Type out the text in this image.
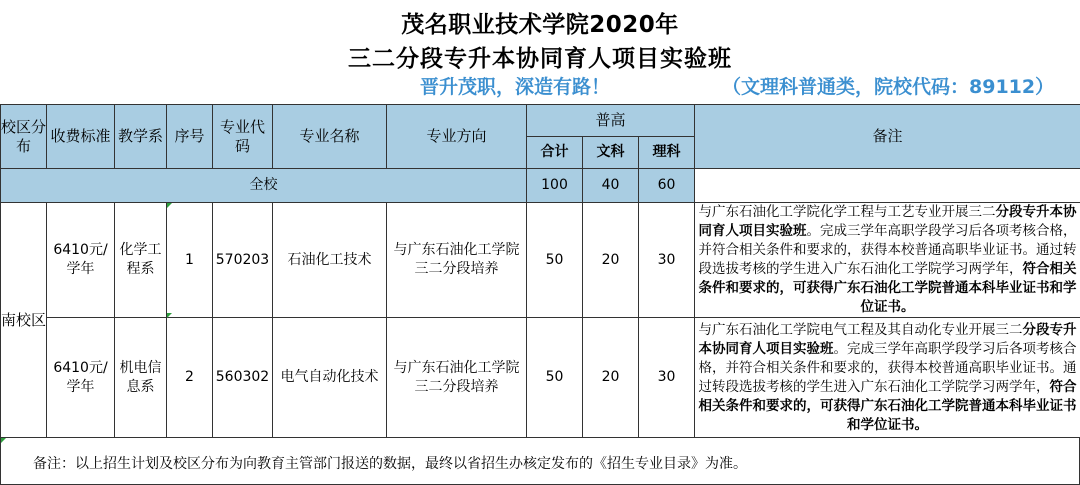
茂名职业技术学院2020年
三二分段专升本协同育人项目实验班
晋升茂职，深造有路！	（文理科普通类，院校代码：89112）
校区分布	收费标准	教学系	序号	专业代码	专业名称	专业方向	普高			备注
							合计	文科	理科	
全校							100	40	60	
南校区	6410元/学年	化学工程系	1	570203	石油化工技术	与广东石油化工学院三二分段培养	50	20	30	与广东石油化工学院化学工程与工艺专业开展三二分段专升本协同育人项目实验班。完成三学年高职学段学习后各项考核合格，并符合相关条件和要求的，获得本校普通高职毕业证书。通过转段选拔考核的学生进入广东石油化工学院学习两学年，符合相关条件和要求的，可获得广东石油化工学院普通本科毕业证书和学位证书。
	6410元/学年	机电信息系	2	560302	电气自动化技术	与广东石油化工学院三二分段培养	50	20	30	与广东石油化工学院电气工程及其自动化专业开展三二分段专升本协同育人项目实验班。完成三学年高职学段学习后各项考核合格，并符合相关条件和要求的，获得本校普通高职毕业证书。通过转段选拔考核的学生进入广东石油化工学院学习两学年，符合相关条件和要求的，可获得广东石油化工学院普通本科毕业证书和学位证书。
备注：以上招生计划及校区分布为向教育主管部门报送的数据，最终以省招生办核定发布的《招生专业目录》为准。
